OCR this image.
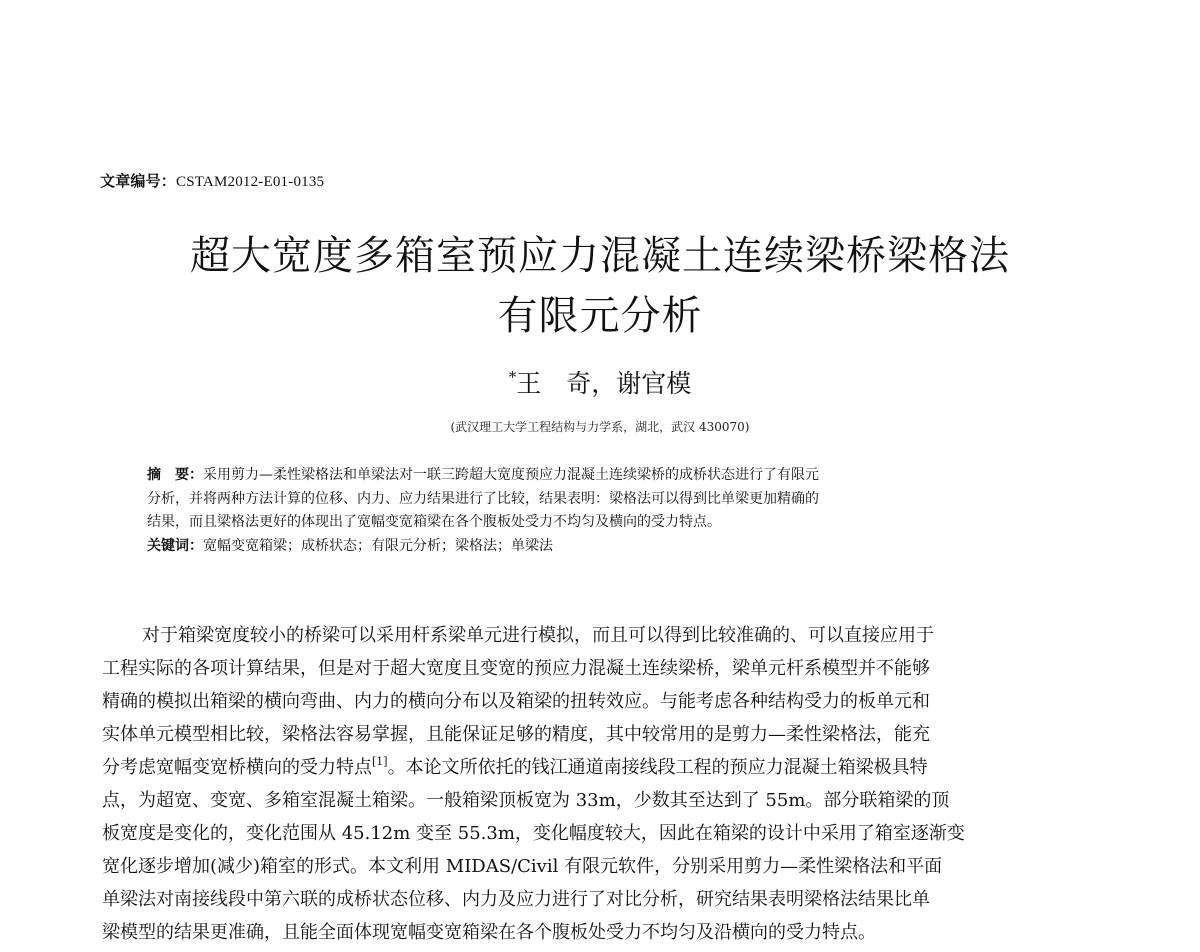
文章编号：CSTAM2012-E01-0135
超大宽度多箱室预应力混凝土连续梁桥梁格法
有限元分析
*王　奇，谢官模
(武汉理工大学工程结构与力学系，湖北，武汉 430070)
摘　要：采用剪力—柔性梁格法和单梁法对一联三跨超大宽度预应力混凝土连续梁桥的成桥状态进行了有限元
分析，并将两种方法计算的位移、内力、应力结果进行了比较，结果表明：梁格法可以得到比单梁更加精确的
结果，而且梁格法更好的体现出了宽幅变宽箱梁在各个腹板处受力不均匀及横向的受力特点。
关键词：宽幅变宽箱梁；成桥状态；有限元分析；梁格法；单梁法
对于箱梁宽度较小的桥梁可以采用杆系梁单元进行模拟，而且可以得到比较准确的、可以直接应用于
工程实际的各项计算结果，但是对于超大宽度且变宽的预应力混凝土连续梁桥，梁单元杆系模型并不能够
精确的模拟出箱梁的横向弯曲、内力的横向分布以及箱梁的扭转效应。与能考虑各种结构受力的板单元和
实体单元模型相比较，梁格法容易掌握，且能保证足够的精度，其中较常用的是剪力—柔性梁格法，能充
分考虑宽幅变宽桥横向的受力特点[1]。本论文所依托的钱江通道南接线段工程的预应力混凝土箱梁极具特
点，为超宽、变宽、多箱室混凝土箱梁。一般箱梁顶板宽为 33m，少数其至达到了 55m。部分联箱梁的顶
板宽度是变化的，变化范围从 45.12m 变至 55.3m，变化幅度较大，因此在箱梁的设计中采用了箱室逐渐变
宽化逐步增加(减少)箱室的形式。本文利用 MIDAS/Civil 有限元软件，分别采用剪力—柔性梁格法和平面
单梁法对南接线段中第六联的成桥状态位移、内力及应力进行了对比分析，研究结果表明梁格法结果比单
梁模型的结果更准确，且能全面体现宽幅变宽箱梁在各个腹板处受力不均匀及沿横向的受力特点。
